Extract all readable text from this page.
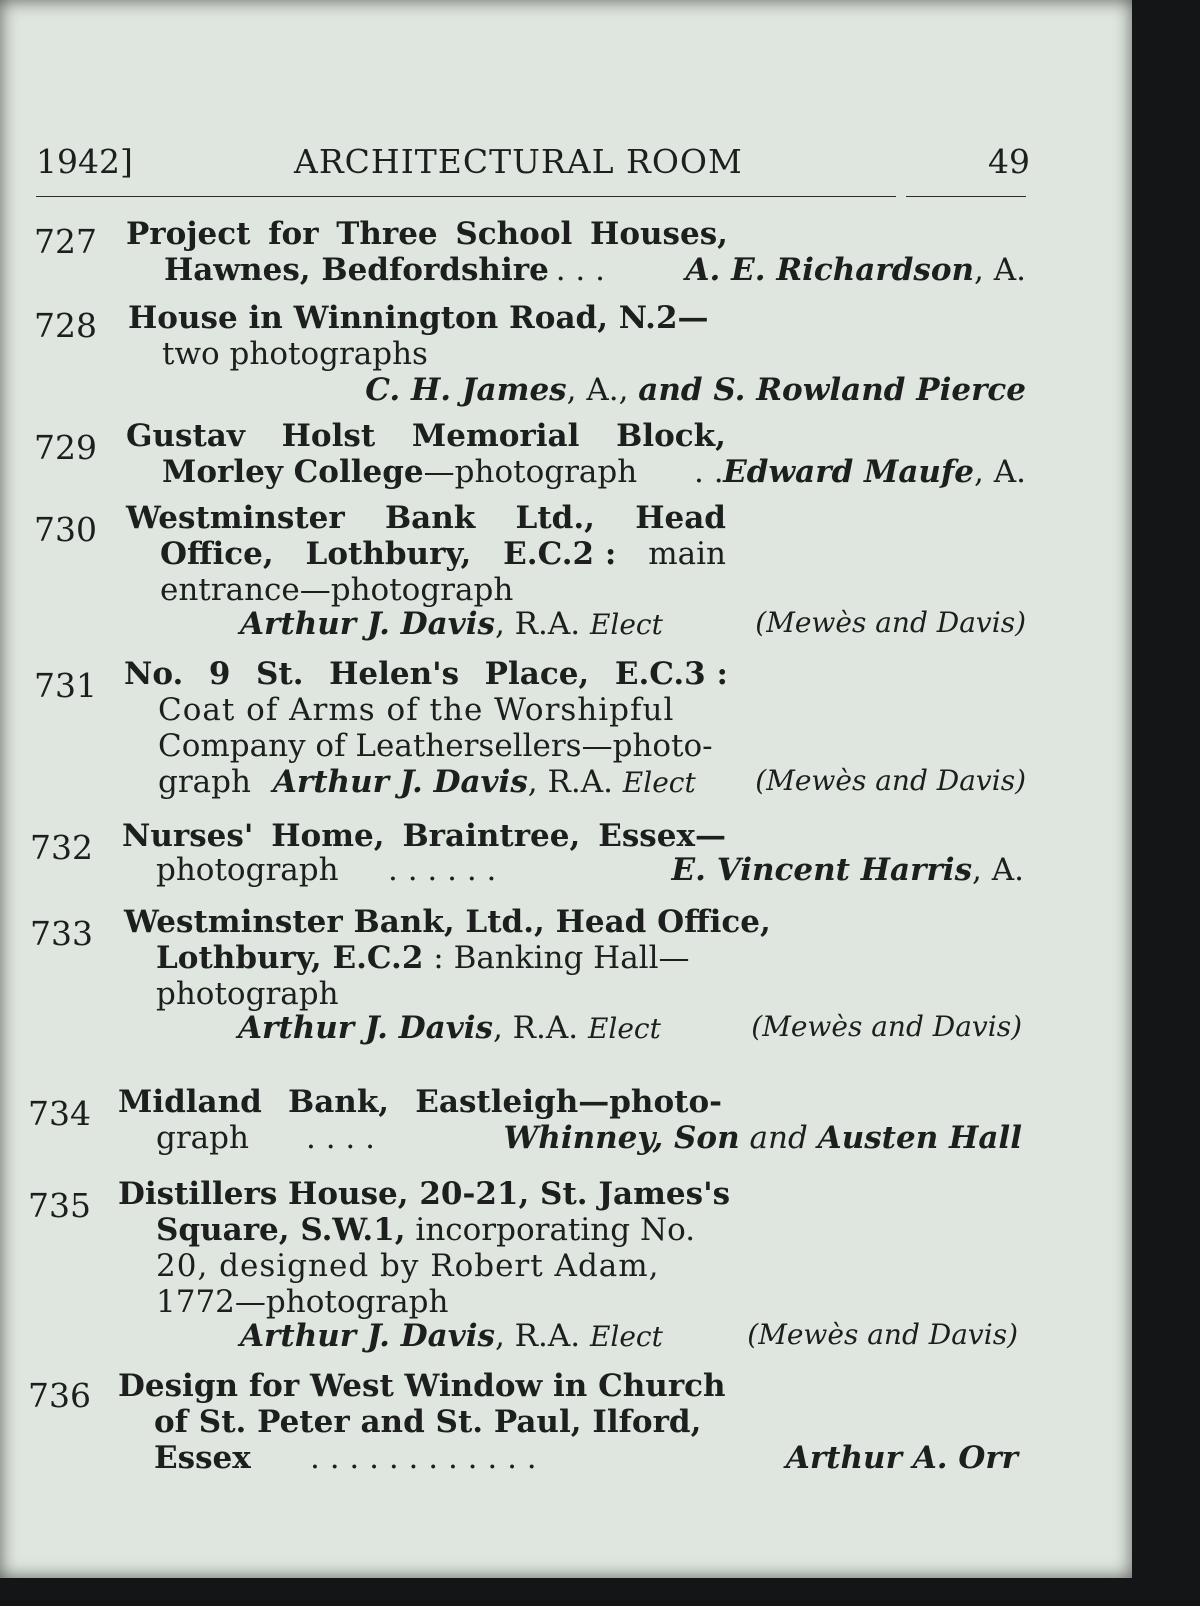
1942]	ARCHITECTURAL ROOM	49
727 Project for Three School Houses,
Hawnes, Bedfordshire
. . . .	A. E. Richardson, A.
728 House in Winnington Road, N.2—
two photographs
C. H. James, A., and S. Rowland Pierce
729 Gustav Holst Memorial Block,
Morley College—photograph . . Edward Maufe, A.
730 Westminster Bank Ltd., Head
Office, Lothbury, E.C.2 : main
entrance—photograph
Arthur J. Davis, R.A. Elect	(Mewès and Davis)
731 No. 9 St. Helen's Place, E.C.3 :
Coat of Arms of the Worshipful
Company of Leathersellers—photo-
graph Arthur J. Davis, R.A. Elect (Mewès and Davis)
732 Nurses' Home, Braintree, Essex—
photograph . . . . . .	E. Vincent Harris, A.
733 Westminster Bank, Ltd., Head Office,
Lothbury, E.C.2 : Banking Hall—
photograph
Arthur J. Davis, R.A. Elect	(Mewès and Davis)
734 Midland Bank, Eastleigh—photo-
graph . . . .	Whinney, Son and Austen Hall
735 Distillers House, 20-21, St. James's
Square, S.W.1, incorporating No.
20, designed by Robert Adam,
1772—photograph
Arthur J. Davis, R.A. Elect	(Mewès and Davis)
736 Design for West Window in Church
of St. Peter and St. Paul, Ilford,
Essex . . . . . . . . . . . .	Arthur A. Orr
